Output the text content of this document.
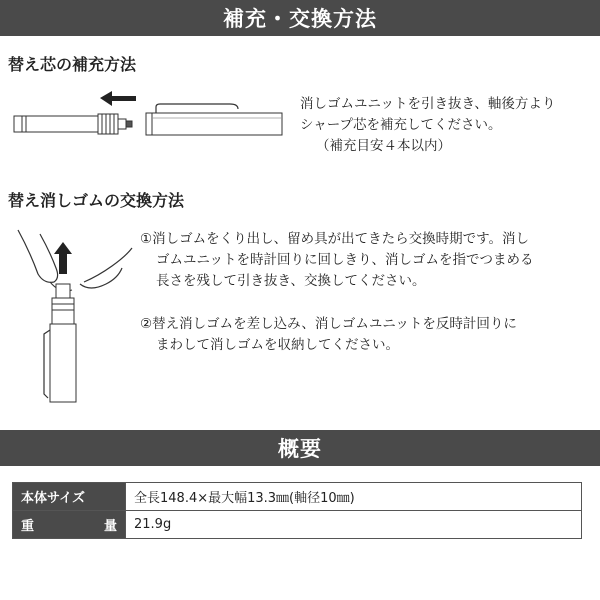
補充・交換方法
替え芯の補充方法
消しゴムユニットを引き抜き、軸後方より
シャープ芯を補充してください。
（補充目安４本以内）
替え消しゴムの交換方法
①消しゴムをくり出し、留め具が出てきたら交換時期です。消し
ゴムユニットを時計回りに回しきり、消しゴムを指でつまめる
長さを残して引き抜き、交換してください。
②替え消しゴムを差し込み、消しゴムユニットを反時計回りに
まわして消しゴムを収納してください。
概要
本体サイズ	全長148.4×最大幅13.3㎜(軸径10㎜)

重 量	21.9g
